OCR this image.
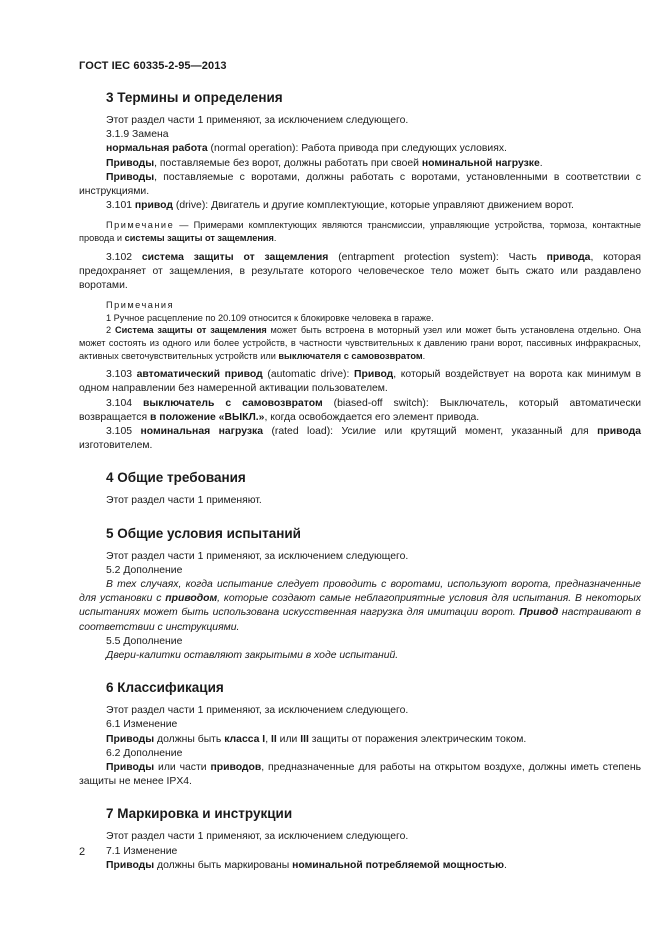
ГОСТ IEC 60335-2-95—2013
3 Термины и определения

Этот раздел части 1 применяют, за исключением следующего.

3.1.9 Замена

нормальная работа (normal operation): Работа привода при следующих условиях.

Приводы, поставляемые без ворот, должны работать при своей номинальной нагрузке.

Приводы, поставляемые с воротами, должны работать с воротами, установленными в соответствии с инструкциями.

3.101 привод (drive): Двигатель и другие комплектующие, которые управляют движением ворот.

Примечание — Примерами комплектующих являются трансмиссии, управляющие устройства, тормоза, контактные провода и системы защиты от защемления.

3.102 система защиты от защемления (entrapment protection system): Часть привода, которая предохраняет от защемления, в результате которого человеческое тело может быть сжато или раздавлено воротами.

Примечания

1 Ручное расцепление по 20.109 относится к блокировке человека в гараже.

2 Система защиты от защемления может быть встроена в моторный узел или может быть установлена отдельно. Она может состоять из одного или более устройств, в частности чувствительных к давлению грани ворот, пассивных инфракрасных, активных светочувствительных устройств или выключателя с самовозвратом.

3.103 автоматический привод (automatic drive): Привод, который воздействует на ворота как минимум в одном направлении без намеренной активации пользователем.

3.104 выключатель с самовозвратом (biased-off switch): Выключатель, который автоматически возвращается в положение «ВЫКЛ.», когда освобождается его элемент привода.

3.105 номинальная нагрузка (rated load): Усилие или крутящий момент, указанный для привода изготовителем.

4 Общие требования

Этот раздел части 1 применяют.

5 Общие условия испытаний

Этот раздел части 1 применяют, за исключением следующего.

5.2 Дополнение

В тех случаях, когда испытание следует проводить с воротами, используют ворота, предназначенные для установки с приводом, которые создают самые неблагоприятные условия для испытания. В некоторых испытаниях может быть использована искусственная нагрузка для имитации ворот. Привод настраивают в соответствии с инструкциями.

5.5 Дополнение

Двери-калитки оставляют закрытыми в ходе испытаний.

6 Классификация

Этот раздел части 1 применяют, за исключением следующего.

6.1 Изменение

Приводы должны быть класса I, II или III защиты от поражения электрическим током.

6.2 Дополнение

Приводы или части приводов, предназначенные для работы на открытом воздухе, должны иметь степень защиты не менее IPX4.

7 Маркировка и инструкции

Этот раздел части 1 применяют, за исключением следующего.

7.1 Изменение

Приводы должны быть маркированы номинальной потребляемой мощностью.

2
